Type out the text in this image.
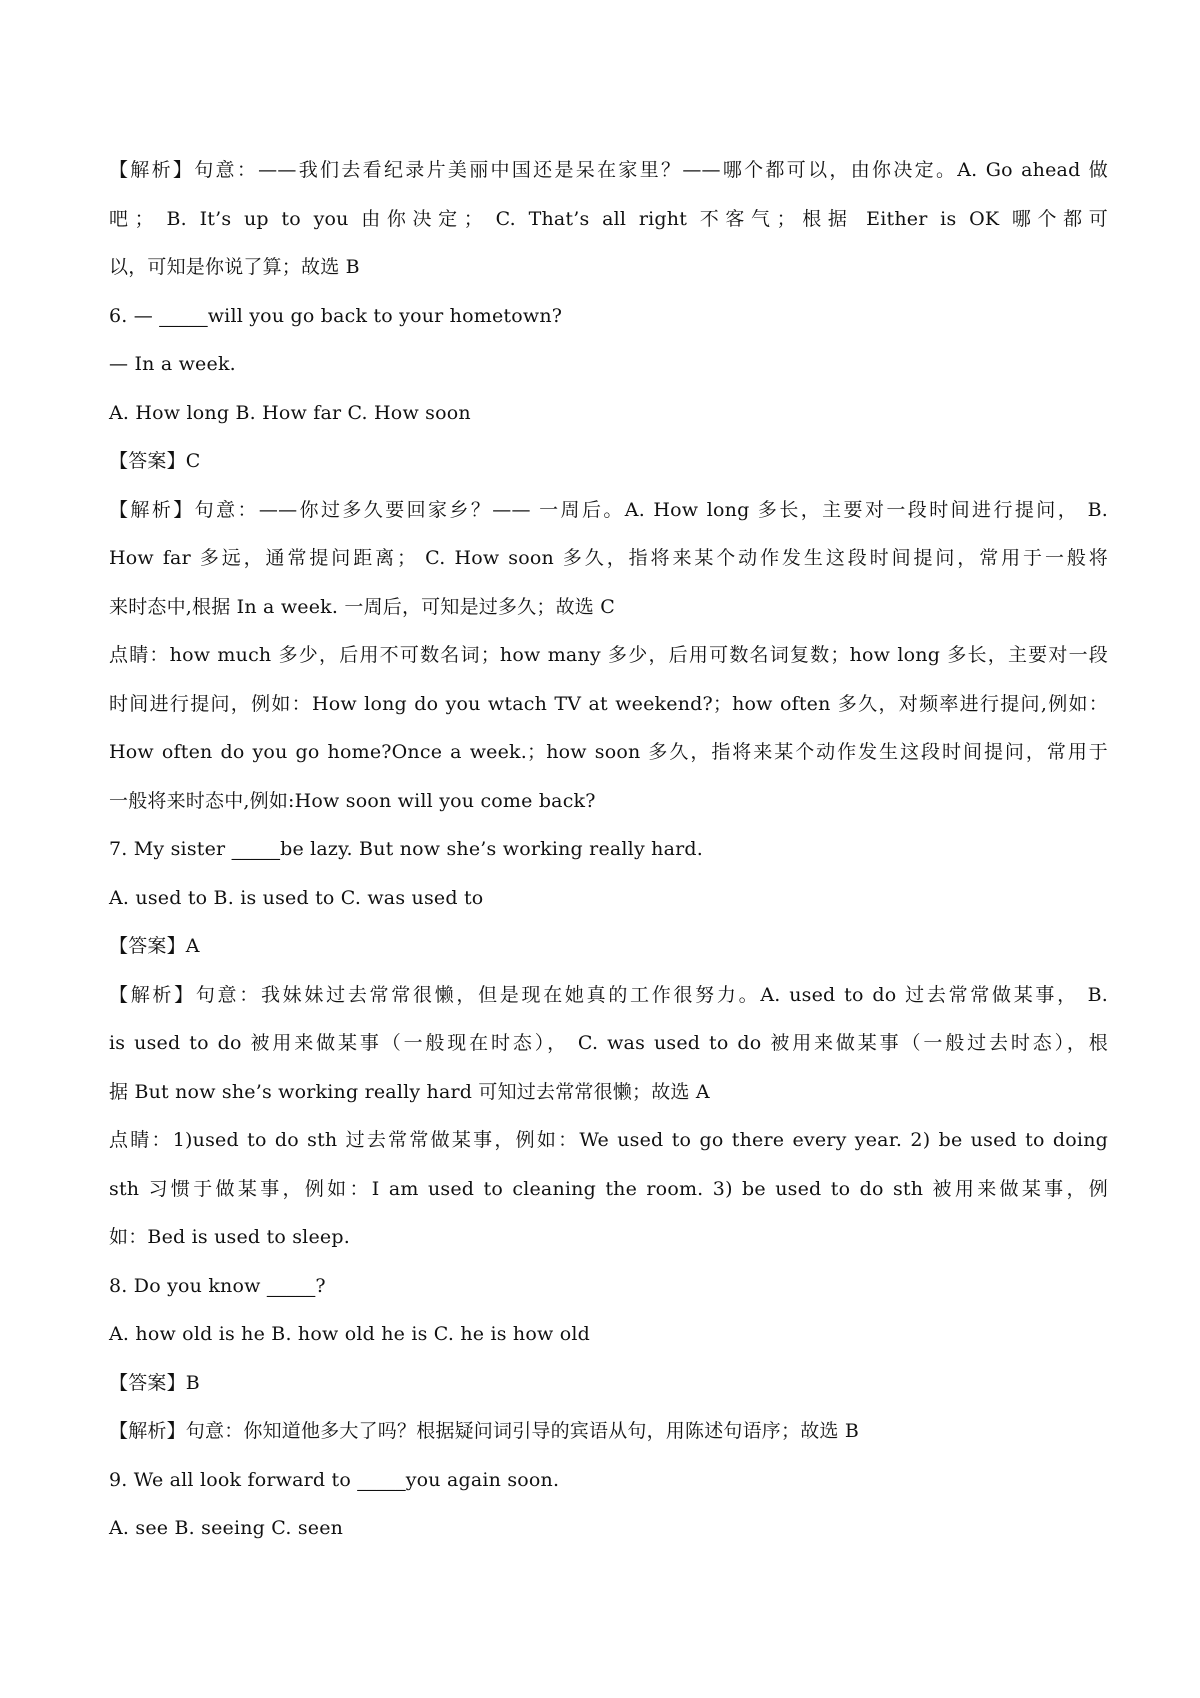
【解析】句意：——我们去看纪录片美丽中国还是呆在家里？——哪个都可以，由你决定。A. Go ahead 做
吧； B. It’s up to you 由你决定； C. That’s all right 不客气；根据 Either is OK 哪个都可
以，可知是你说了算；故选 B
6. — _____will you go back to your hometown?
— In a week.
A. How long B. How far C. How soon
【答案】C
【解析】句意：——你过多久要回家乡？—— 一周后。A. How long 多长，主要对一段时间进行提问， B.
How far 多远，通常提问距离； C. How soon 多久，指将来某个动作发生这段时间提问，常用于一般将
来时态中,根据 In a week. 一周后，可知是过多久；故选 C
点睛：how much 多少，后用不可数名词；how many 多少，后用可数名词复数；how long 多长，主要对一段
时间进行提问，例如：How long do you wtach TV at weekend?；how often 多久，对频率进行提问,例如：
How often do you go home?Once a week.；how soon 多久，指将来某个动作发生这段时间提问，常用于
一般将来时态中,例如:How soon will you come back?
7. My sister _____be lazy. But now she’s working really hard.
A. used to B. is used to C. was used to
【答案】A
【解析】句意：我妹妹过去常常很懒，但是现在她真的工作很努力。A. used to do 过去常常做某事， B.
is used to do 被用来做某事（一般现在时态）， C. was used to do 被用来做某事（一般过去时态），根
据 But now she’s working really hard 可知过去常常很懒；故选 A
点睛：1)used to do sth 过去常常做某事，例如：We used to go there every year. 2) be used to doing
sth 习惯于做某事，例如：I am used to cleaning the room. 3) be used to do sth 被用来做某事，例
如：Bed is used to sleep.
8. Do you know _____?
A. how old is he B. how old he is C. he is how old
【答案】B
【解析】句意：你知道他多大了吗？根据疑问词引导的宾语从句，用陈述句语序；故选 B
9. We all look forward to _____you again soon.
A. see B. seeing C. seen
